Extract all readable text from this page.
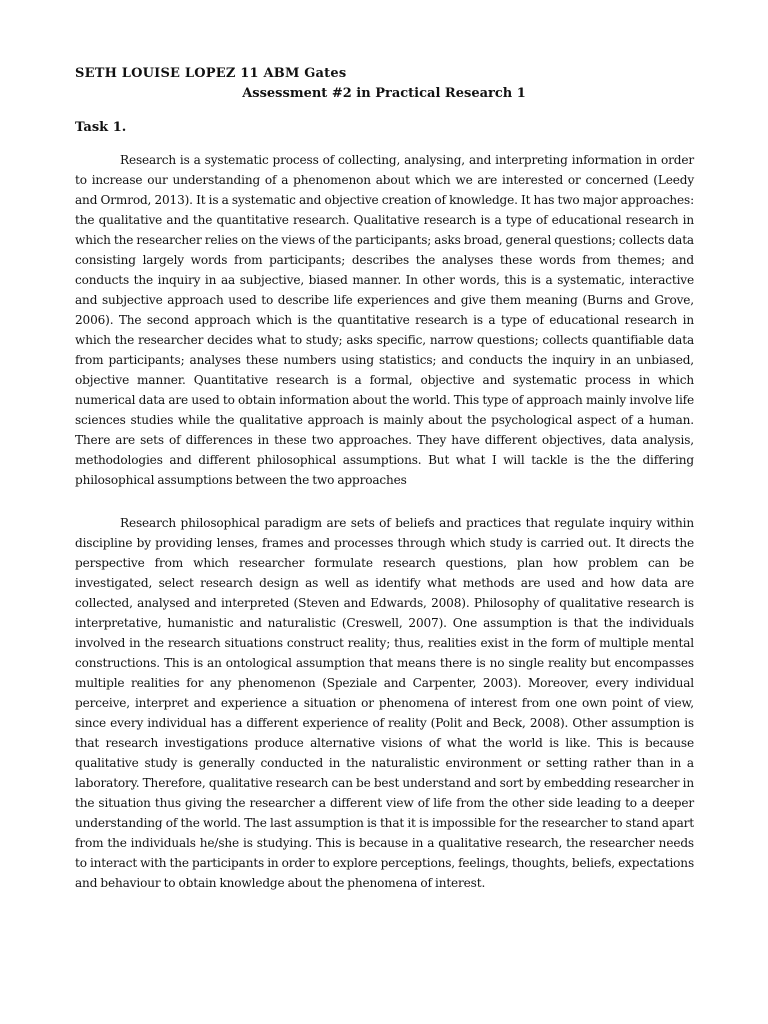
SETH LOUISE LOPEZ 11 ABM Gates
Assessment #2 in Practical Research 1
Task 1.

Research is a systematic process of collecting, analysing, and interpreting information in order to increase our understanding of a phenomenon about which we are interested or concerned (Leedy and Ormrod, 2013). It is a systematic and objective creation of knowledge. It has two major approaches: the qualitative and the quantitative research. Qualitative research is a type of educational research in which the researcher relies on the views of the participants; asks broad, general questions; collects data consisting largely words from participants; describes the analyses these words from themes; and conducts the inquiry in aa subjective, biased manner. In other words, this is a systematic, interactive and subjective approach used to describe life experiences and give them meaning (Burns and Grove, 2006). The second approach which is the quantitative research is a type of educational research in which the researcher decides what to study; asks specific, narrow questions; collects quantifiable data from participants; analyses these numbers using statistics; and conducts the inquiry in an unbiased, objective manner. Quantitative research is a formal, objective and systematic process in which numerical data are used to obtain information about the world. This type of approach mainly involve life sciences studies while the qualitative approach is mainly about the psychological aspect of a human. There are sets of differences in these two approaches. They have different objectives, data analysis, methodologies and different philosophical assumptions. But what I will tackle is the the differing philosophical assumptions between the two approaches

Research philosophical paradigm are sets of beliefs and practices that regulate inquiry within discipline by providing lenses, frames and processes through which study is carried out. It directs the perspective from which researcher formulate research questions, plan how problem can be investigated, select research design as well as identify what methods are used and how data are collected, analysed and interpreted (Steven and Edwards, 2008). Philosophy of qualitative research is interpretative, humanistic and naturalistic (Creswell, 2007). One assumption is that the individuals involved in the research situations construct reality; thus, realities exist in the form of multiple mental constructions. This is an ontological assumption that means there is no single reality but encompasses multiple realities for any phenomenon (Speziale and Carpenter, 2003). Moreover, every individual perceive, interpret and experience a situation or phenomena of interest from one own point of view, since every individual has a different experience of reality (Polit and Beck, 2008). Other assumption is that research investigations produce alternative visions of what the world is like. This is because qualitative study is generally conducted in the naturalistic environment or setting rather than in a laboratory. Therefore, qualitative research can be best understand and sort by embedding researcher in the situation thus giving the researcher a different view of life from the other side leading to a deeper understanding of the world. The last assumption is that it is impossible for the researcher to stand apart from the individuals he/she is studying. This is because in a qualitative research, the researcher needs to interact with the participants in order to explore perceptions, feelings, thoughts, beliefs, expectations and behaviour to obtain knowledge about the phenomena of interest.
